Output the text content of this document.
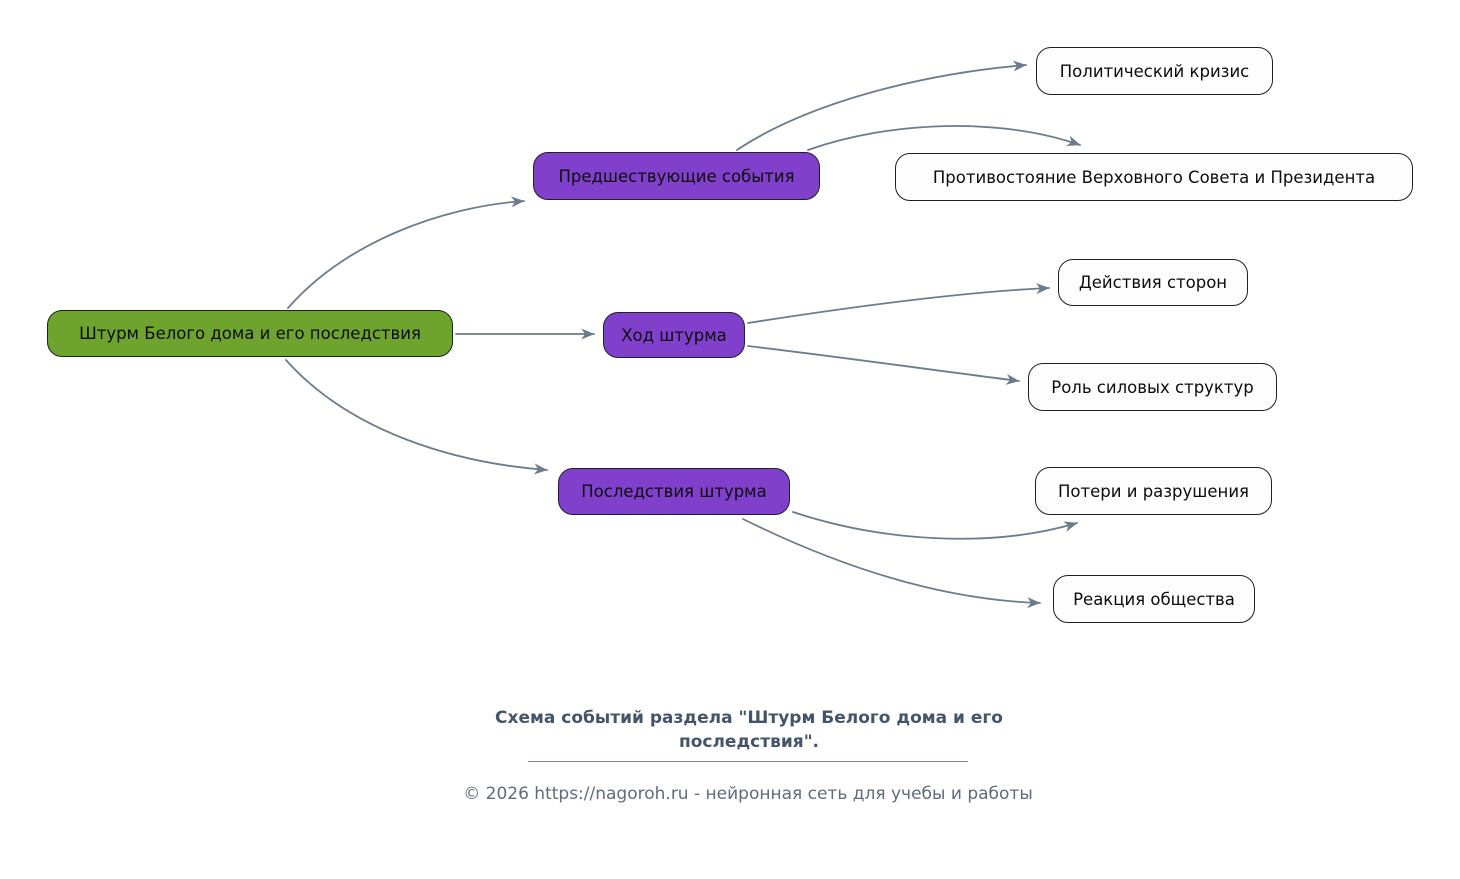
Штурм Белого дома и его последствия
Предшествующие события
Ход штурма
Последствия штурма
Политический кризис
Противостояние Верховного Совета и Президента
Действия сторон
Роль силовых структур
Потери и разрушения
Реакция общества
Схема событий раздела "Штурм Белого дома и его последствия".
© 2026 https://nagoroh.ru - нейронная сеть для учебы и работы
